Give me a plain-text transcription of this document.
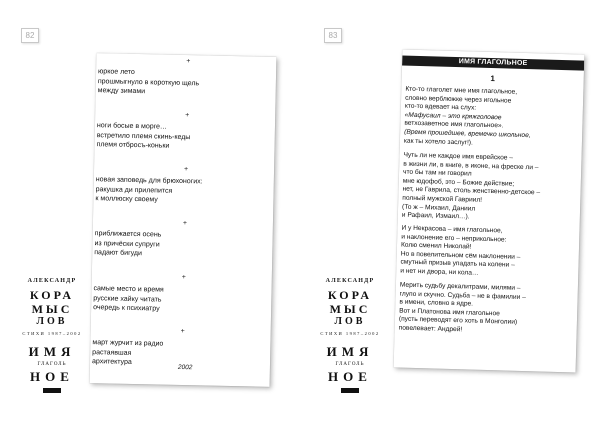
82	83
+
юркое лето
прошмыгнуло в короткую щель
между зимами
+
ноги босые в морге…
встретило племя скинь-кеды
племя отбросъ-коньки
+
новая заповедь для брюхоногих:
ракушка ди прилепится
к моллюску своему
+
приближается осень
из причёски супруги
падают бигуди
+
самые место и время
русские хайку читать
очередь к психиатру
+
март журчит из радио
растаявшая
архитектура
2002
ИМЯ ГЛАГОЛЬНОЕ
1
Кто-то глаголет мне имя глагольное,
словно верблюжке через игольное
кто-то вдевает на слух:
«Мафусаил – это кряжголовое
ветхозаветное имя глагольное».
(Время прошедшее, времечко школьное,
как ты хотело заслуг!).
Чуть ли не каждое имя еврейское –
в жизни ли, в книге, в иконе, на фреске ли –
что бы там ни говорил
мне юдофоб, это – Божие действие;
нет, не Гаврила, столь женственно-детское –
полный мужской Гавриил!
(То ж – Михаил, Даниил
и Рафаил, Измаил…).
И у Некрасова – имя глагольное,
и наклонение его – неприкольное:
Колю сменил Николай!
Но в повелительном сём наклонении –
смутный призыв упадать на колени –
и нет ни двора, ни кола…
Мерить судьбу декалитрами, милями –
глупо и скучно. Судьба – не в фамилии –
в имени, словно в ядре.
Вот и Платонова имя глагольное
(пусть переводят его хоть в Монголии)
повелевает: Андрей!
АЛЕКСАНДР
КОРА
МЫС
ЛОВ
СТИХИ 1987–2002
ИМЯ
ГЛАГОЛЬ
НОЕ
АЛЕКСАНДР
КОРА
МЫС
ЛОВ
СТИХИ 1987–2002
ИМЯ
ГЛАГОЛЬ
НОЕ
